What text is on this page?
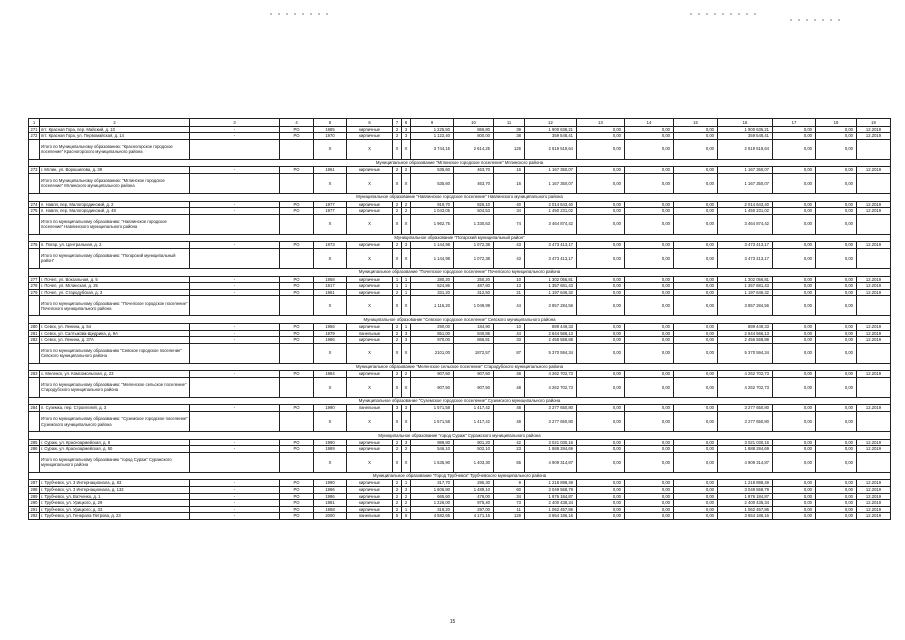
1	2	3	4	5	6	7	8	9	10	11	12	13	14	15	16	17	18	19
271	пгт. Красная Гора, пер. Майский, д. 10	-	РО	1985	кирпичные	2	3	1 225,50	866,80	39	1 900 636,21	0,00	0,00	0,00	1 900 636,21	0,00	0,00	12.2019
272	пгт. Красная Гора, ул. Первомайская, д. 14	-	РО	1970	кирпичные	2	3	1 122,40	800,00	38	359 548,41	0,00	0,00	0,00	359 548,41	0,00	0,00	12.2019
	Итого по Муниципальному образованию: "Красногорское городское поселение" Красногорского муниципального района			X	X	X	X	3 744,15	2 614,25	126	2 619 519,64	0,00	0,00	0,00	2 619 519,64	0,00	0,00	
Муниципальное образование "Мглинское городское поселение" Мглинского района																		
273	г. Мглин, ул. Ворошилова, д. 39	-	РО	1961	кирпичные	2	2	535,60	463,70	16	1 167 350,07	0,00	0,00	0,00	1 167 350,07	0,00	0,00	12.2019
	Итого по Муниципальному образованию: "Мглинское городское поселение" Мглинского муниципального района			X	X	X	X	535,60	463,70	16	1 167 350,07	0,00	0,00	0,00	1 167 350,07	0,00	0,00	
Муниципальное образование "Навлинское городское поселение" Навлинского муниципального района																		
274	п. Навля, пер. Малогородинский, д. 2	-	РО	1977	кирпичные	2	2	919,70	826,10	40	2 014 643,40	0,00	0,00	0,00	2 014 643,40	0,00	0,00	12.2019
275	п. Навля, пер. Малогородинский, д. 48	-	РО	1977	кирпичные	2	2	1 043,05	504,53	34	1 450 231,02	0,00	0,00	0,00	1 450 231,02	0,00	0,00	12.2019
	Итого по муниципальному образованию: "Навлинское городское поселение" Навлинского муниципального района			X	X	X	X	1 962,75	1 330,63	74	3 464 874,42	0,00	0,00	0,00	3 464 874,42	0,00	0,00	
Муниципальное образование "Погарский муниципальный район"																		
276	п. Погар, ул. Центральная, д. 2	-	РО	1973	кирпичные	2	3	1 144,98	1 072,38	43	3 473 413,17	0,00	0,00	0,00	3 473 413,17	0,00	0,00	12.2019
	Итого по муниципальному образованию: "Погарский муниципальный район"			X	X	X	X	1 144,98	1 072,38	43	3 473 413,17	0,00	0,00	0,00	3 473 413,17	0,00	0,00	
Муниципальное образование "Почепское городское поселение" Почепского муниципального района																		
277	г. Почеп, ул. Вокзальная, д. 5	-	РО	1958	кирпичные	1	1	280,20	250,20	10	1 302 056,81	0,00	0,00	0,00	1 302 056,81	0,00	0,00	12.2019
278	г. Почеп, ул. Мглинская, д. 25	-	РО	1917	кирпичные	1	1	524,86	487,80	13	1 357 681,43	0,00	0,00	0,00	1 357 681,43	0,00	0,00	12.2019
279	г. Почеп, ул. Стародубская, д. 3	-	РО	1961	кирпичные	2	1	331,20	312,50	21	1 197 646,32	0,00	0,00	0,00	1 197 646,32	0,00	0,00	12.2019
	Итого по муниципальному образованию: "Почепское городское поселение" Почепского муниципального района			X	X	X	X	1 116,20	1 049,99	44	3 857 284,56	0,00	0,00	0,00	3 857 284,56	0,00	0,00	
Муниципальное образование "Севское городское поселение" Севского муниципального района																		
280	г. Севск, ул. Ленина, д. 54	-	РО	1956	кирпичные	2	1	290,00	184,90	10	889 449,33	0,00	0,00	0,00	889 449,33	0,00	0,00	12.2019
281	г. Севск, ул. Салтыкова-Щедрина, д. 9А	-	РО	1979	панельные	2	3	851,00	840,86	44	2 644 566,13	0,00	0,00	0,00	2 644 566,13	0,00	0,00	12.2019
282	г. Севск, ул. Ленина, д. 37А	-	РО	1986	кирпичные	2	3	970,00	866,81	33	2 456 558,88	0,00	0,00	0,00	2 456 558,88	0,00	0,00	12.2019
	Итого по муниципальному образованию "Севское городское поселение" Севского муниципального района			X	X	X	X	2101,00	1872,57	87	5 370 594,34	0,00	0,00	0,00	5 370 594,34	0,00	0,00	
Муниципальное образование "Меленское сельское поселение" Стародубского муниципального района																		
283	с. Меленск, ул. Комсомольская, д. 23	-	РО	1984	кирпичные	2	2	907,50	907,50	48	4 262 702,73	0,00	0,00	0,00	4 262 702,73	0,00	0,00	12.2019
	Итого по муниципальному образованию: "Меленское сельское поселение" Стародубского муниципального района			X	X	X	X	907,50	907,50	48	4 262 702,73	0,00	0,00	0,00	4 262 702,73	0,00	0,00	
Муниципальное образование "Суземское городское поселение" Суземского муниципального района																		
284	п. Суземка, пер. Строителей, д. 3	-	РО	1990	панельные	3	3	1 571,58	1 417,42	48	3 277 650,80	0,00	0,00	0,00	3 277 650,80	0,00	0,00	12.2019
	Итого по муниципальному образованию: "Суземское городское поселение" Суземского муниципального района			X	X	X	X	1 571,58	1 417,42	48	3 277 650,80	0,00	0,00	0,00	3 277 650,80	0,00	0,00	
Муниципальное образование "город Сураж" Суражского муниципального района																		
285	г. Сураж, ул. Красноармейская, д. 8	-	РО	1990	кирпичные	2	3	989,80	901,20	42	3 021 030,16	0,00	0,00	0,00	3 021 030,16	0,00	0,00	12.2019
286	г. Сураж, ул. Красноармейская, д. 50	-	РО	1989	кирпичные	2	2	546,10	502,10	23	1 888 284,69	0,00	0,00	0,00	1 888 284,69	0,00	0,00	12.2019
	Итого по муниципальному образованию "город Сураж" Суражского муниципального района			X	X	X	X	1 535,90	1 403,30	65	4 909 314,87	0,00	0,00	0,00	4 909 314,87	0,00	0,00	
Муниципальное образование "Город Трубчевск" Трубчевского муниципального района																		
287	г. Трубчевск, ул. 3 Интернационала, д. 83	-	РО	1990	кирпичные	2	1	317,70	295,30	9	1 218 898,49	0,00	0,00	0,00	1 218 898,49	0,00	0,00	12.2019
288	г. Трубчевск, ул. 3 Интернационала, д. 132	-	РО	1986	кирпичные	2	3	1 606,80	1 489,10	60	3 049 558,79	0,00	0,00	0,00	3 049 558,79	0,00	0,00	12.2019
289	г. Трубчевск, ул. Ватченко, д. 1	-	РО	1986	кирпичные	2	2	665,60	476,00	34	1 876 184,87	0,00	0,00	0,00	1 876 184,87	0,00	0,00	12.2019
290	г. Трубчевск, ул. Урицкого, д. 29	-	РО	1981	кирпичные	2	2	1 226,00	975,40	73	2 400 436,34	0,00	0,00	0,00	2 400 436,34	0,00	0,00	12.2019
291	г. Трубчевск, ул. Урицкого, д. 33	-	РО	1958	кирпичные	2	1	318,20	297,00	11	1 062 457,86	0,00	0,00	0,00	1 062 457,86	0,00	0,00	12.2019
292	г. Трубчевск, ул. Генерала Петрова, д. 23	-	РО	2000	панельные	5	6	4 582,65	4 171,15	128	3 654 186,16	0,00	0,00	0,00	3 654 186,16	0,00	0,00	12.2019
15
